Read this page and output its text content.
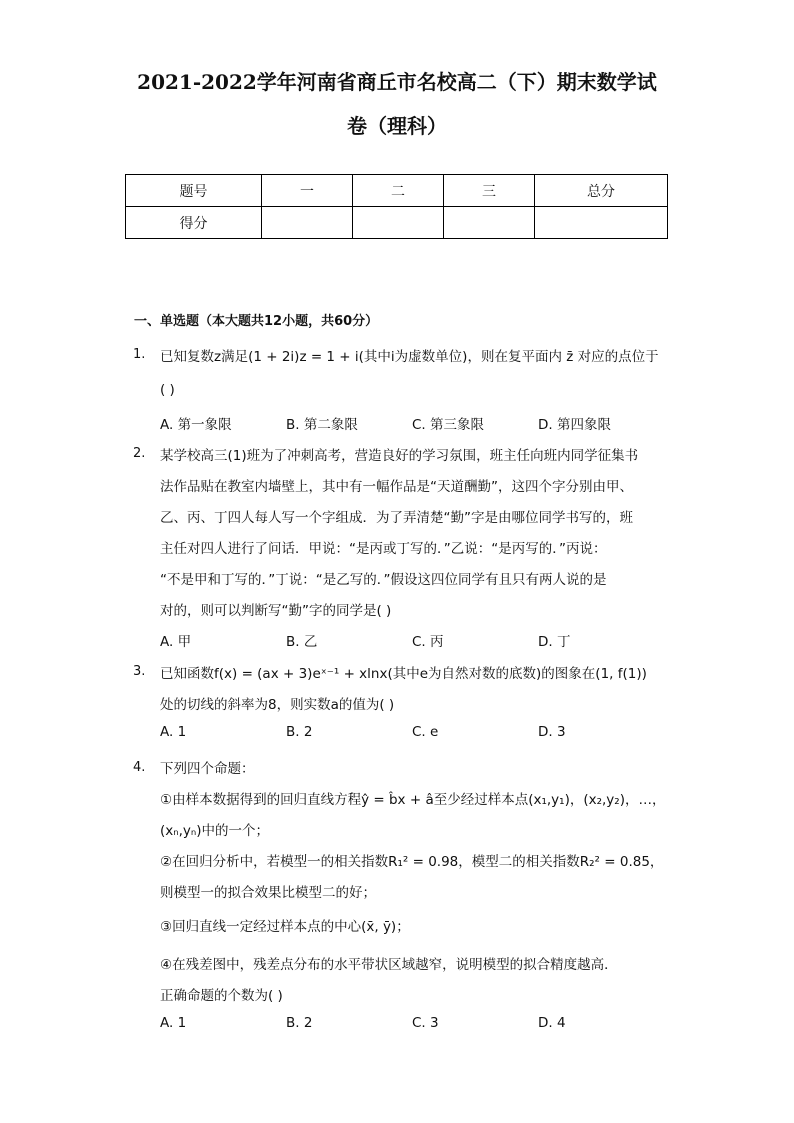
2021-2022学年河南省商丘市名校高二（下）期末数学试
卷（理科）
题号	一	二	三	总分
得分				
一、单选题（本大题共12小题，共60分）
1. 已知复数z满足(1 + 2i)z = 1 + i(其中i为虚数单位)，则在复平面内 z̄ 对应的点位于
( )
A. 第一象限	B. 第二象限	C. 第三象限	D. 第四象限
2. 某学校高三(1)班为了冲刺高考，营造良好的学习氛围，班主任向班内同学征集书
法作品贴在教室内墙壁上，其中有一幅作品是“天道酬勤”，这四个字分别由甲、
乙、丙、丁四人每人写一个字组成．为了弄清楚“勤”字是由哪位同学书写的，班
主任对四人进行了问话．甲说：“是丙或丁写的．”乙说：“是丙写的．”丙说：
“不是甲和丁写的．”丁说：“是乙写的．”假设这四位同学有且只有两人说的是
对的，则可以判断写“勤”字的同学是( )
A. 甲	B. 乙	C. 丙	D. 丁
3. 已知函数f(x) = (ax + 3)eˣ⁻¹ + xlnx(其中e为自然对数的底数)的图象在(1, f(1))
处的切线的斜率为8，则实数a的值为( )
A. 1	B. 2	C. e	D. 3
4. 下列四个命题：
①由样本数据得到的回归直线方程ŷ = b̂x + â至少经过样本点(x₁,y₁)，(x₂,y₂)，…，
(xₙ,yₙ)中的一个；
②在回归分析中，若模型一的相关指数R₁² = 0.98，模型二的相关指数R₂² = 0.85，
则模型一的拟合效果比模型二的好；
③回归直线一定经过样本点的中心(x̄, ȳ)；
④在残差图中，残差点分布的水平带状区域越窄，说明模型的拟合精度越高．
正确命题的个数为( )
A. 1	B. 2	C. 3	D. 4
